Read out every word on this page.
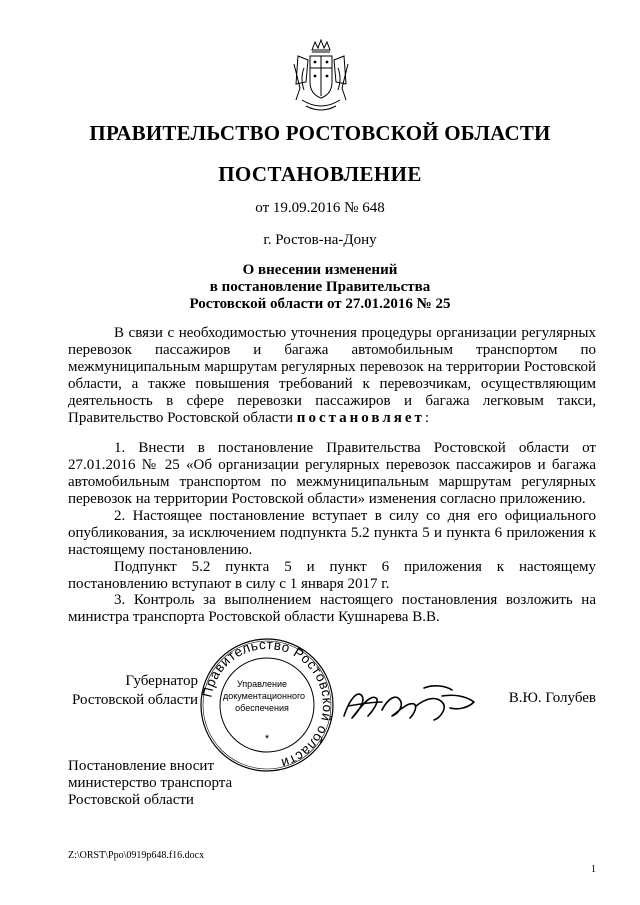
ПРАВИТЕЛЬСТВО РОСТОВСКОЙ ОБЛАСТИ
ПОСТАНОВЛЕНИЕ
от 19.09.2016 № 648
г. Ростов-на-Дону
О внесении изменений
в постановление Правительства
Ростовской области от 27.01.2016 № 25
В связи с необходимостью уточнения процедуры организации регулярных перевозок пассажиров и багажа автомобильным транспортом по межмуниципальным маршрутам регулярных перевозок на территории Ростовской области, а также повышения требований к перевозчикам, осуществляющим деятельность в сфере перевозки пассажиров и багажа легковым такси, Правительство Ростовской области постановляет:
1. Внести в постановление Правительства Ростовской области от 27.01.2016 № 25 «Об организации регулярных перевозок пассажиров и багажа автомобильным транспортом по межмуниципальным маршрутам регулярных перевозок на территории Ростовской области» изменения согласно приложению.
2. Настоящее постановление вступает в силу со дня его официального опубликования, за исключением подпункта 5.2 пункта 5 и пункта 6 приложения к настоящему постановлению.
Подпункт 5.2 пункта 5 и пункт 6 приложения к настоящему постановлению вступают в силу с 1 января 2017 г.
3. Контроль за выполнением настоящего постановления возложить на министра транспорта Ростовской области Кушнарева В.В.
Губернатор
Ростовской области
Правительство Ростовской области
Управление
документационного
обеспечения
*
В.Ю. Голубев
Постановление вносит
министерство транспорта
Ростовской области
Z:\ORST\Ppo\0919p648.f16.docx
1
